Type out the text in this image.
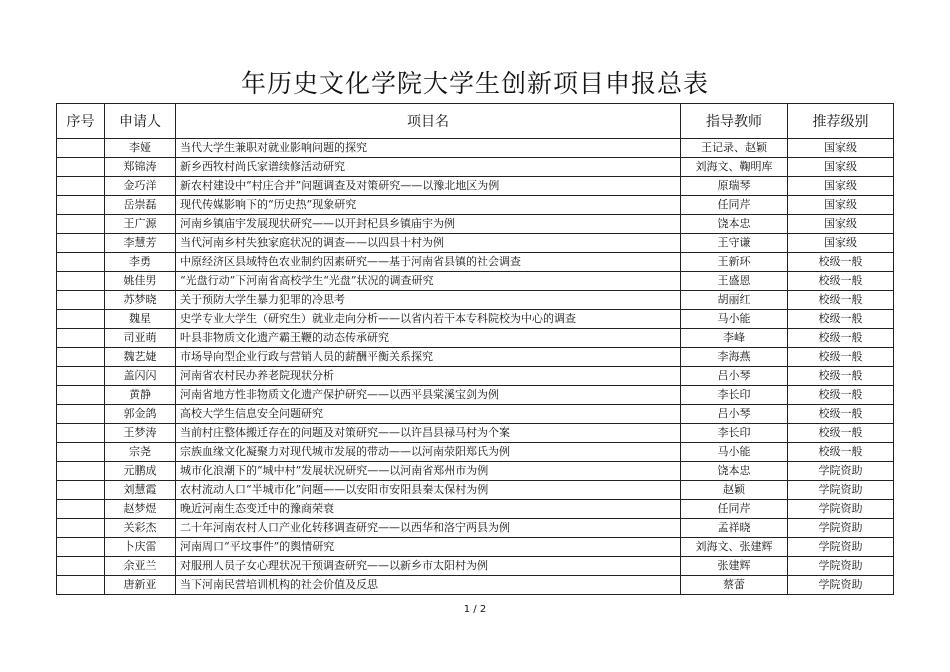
年历史文化学院大学生创新项目申报总表
序号	申请人	项目名	指导教师	推荐级别
	李娅	当代大学生兼职对就业影响问题的探究	王记录、赵颖	国家级
	郑锦涛	新乡西牧村尚氏家谱续修活动研究	刘海文、鞠明库	国家级
	金巧洋	新农村建设中“村庄合并”问题调查及对策研究——以豫北地区为例	原瑞琴	国家级
	岳崇磊	现代传媒影响下的“历史热”现象研究	任同芹	国家级
	王广源	河南乡镇庙宇发展现状研究——以开封杞县乡镇庙宇为例	饶本忠	国家级
	李慧芳	当代河南乡村失独家庭状况的调查——以四县十村为例	王守谦	国家级
	李勇	中原经济区县域特色农业制约因素研究——基于河南省县镇的社会调查	王新环	校级一般
	姚佳男	“光盘行动”下河南省高校学生“光盘”状况的调查研究	王盛恩	校级一般
	苏梦晓	关于预防大学生暴力犯罪的冷思考	胡丽红	校级一般
	魏星	史学专业大学生（研究生）就业走向分析——以省内若干本专科院校为中心的调查	马小能	校级一般
	司亚萌	叶县非物质文化遗产霸王鞭的动态传承研究	李峰	校级一般
	魏艺婕	市场导向型企业行政与营销人员的薪酬平衡关系探究	李海燕	校级一般
	盖闪闪	河南省农村民办养老院现状分析	吕小琴	校级一般
	黄静	河南省地方性非物质文化遗产保护研究——以西平县棠溪宝剑为例	李长印	校级一般
	郭金鸽	高校大学生信息安全问题研究	吕小琴	校级一般
	王梦涛	当前村庄整体搬迁存在的问题及对策研究——以许昌县禄马村为个案	李长印	校级一般
	宗尧	宗族血缘文化凝聚力对现代城市发展的带动——以河南荥阳郑氏为例	马小能	校级一般
	元鹏成	城市化浪潮下的“城中村”发展状况研究——以河南省郑州市为例	饶本忠	学院资助
	刘慧霞	农村流动人口“半城市化”问题——以安阳市安阳县秦太保村为例	赵颖	学院资助
	赵梦煜	晚近河南生态变迁中的豫商荣衰	任同芹	学院资助
	关彩杰	二十年河南农村人口产业化转移调查研究——以西华和洛宁两县为例	孟祥晓	学院资助
	卜庆雷	河南周口“平坟事件”的舆情研究	刘海文、张建辉	学院资助
	余亚兰	对服刑人员子女心理状况干预调查研究——以新乡市太阳村为例	张建辉	学院资助
	唐新亚	当下河南民营培训机构的社会价值及反思	蔡蕾	学院资助
1 / 2
